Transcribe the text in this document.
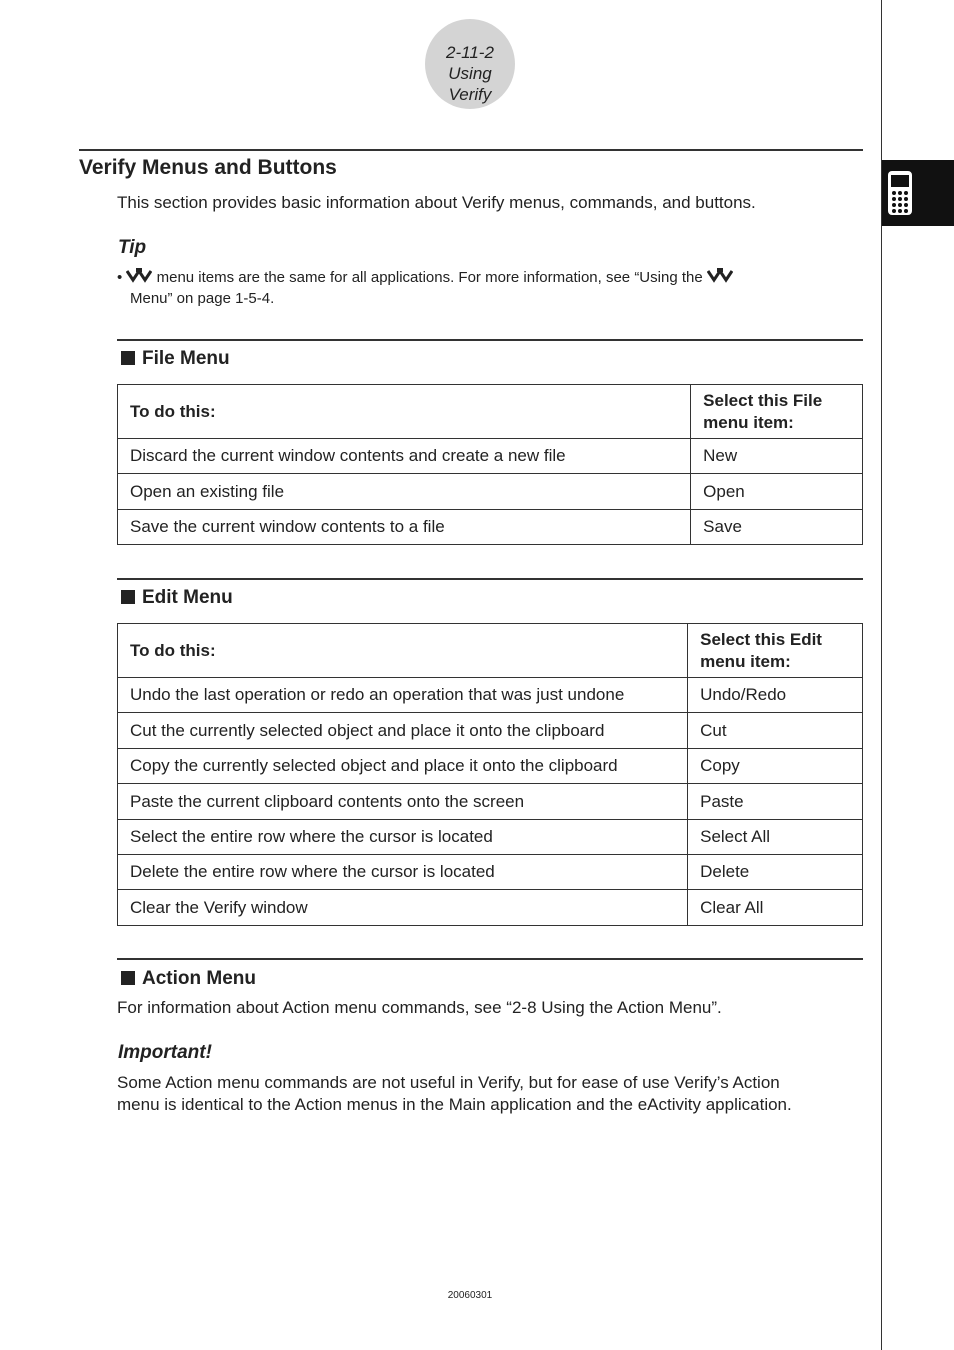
2-11-2
Using Verify
Verify Menus and Buttons

This section provides basic information about Verify menus, commands, and buttons.

Tip
•  menu items are the same for all applications. For more information, see “Using the
Menu” on page 1-5-4.
File Menu
To do this:	Select this File menu item:
Discard the current window contents and create a new file	New
Open an existing file	Open
Save the current window contents to a file	Save
Edit Menu
To do this:	Select this Edit menu item:
Undo the last operation or redo an operation that was just undone	Undo/Redo
Cut the currently selected object and place it onto the clipboard	Cut
Copy the currently selected object and place it onto the clipboard	Copy
Paste the current clipboard contents onto the screen	Paste
Select the entire row where the cursor is located	Select All
Delete the entire row where the cursor is located	Delete
Clear the Verify window	Clear All
Action Menu

For information about Action menu commands, see “2-8 Using the Action Menu”.

Important!

Some Action menu commands are not useful in Verify, but for ease of use Verify’s Action

menu is identical to the Action menus in the Main application and the eActivity application.

20060301
